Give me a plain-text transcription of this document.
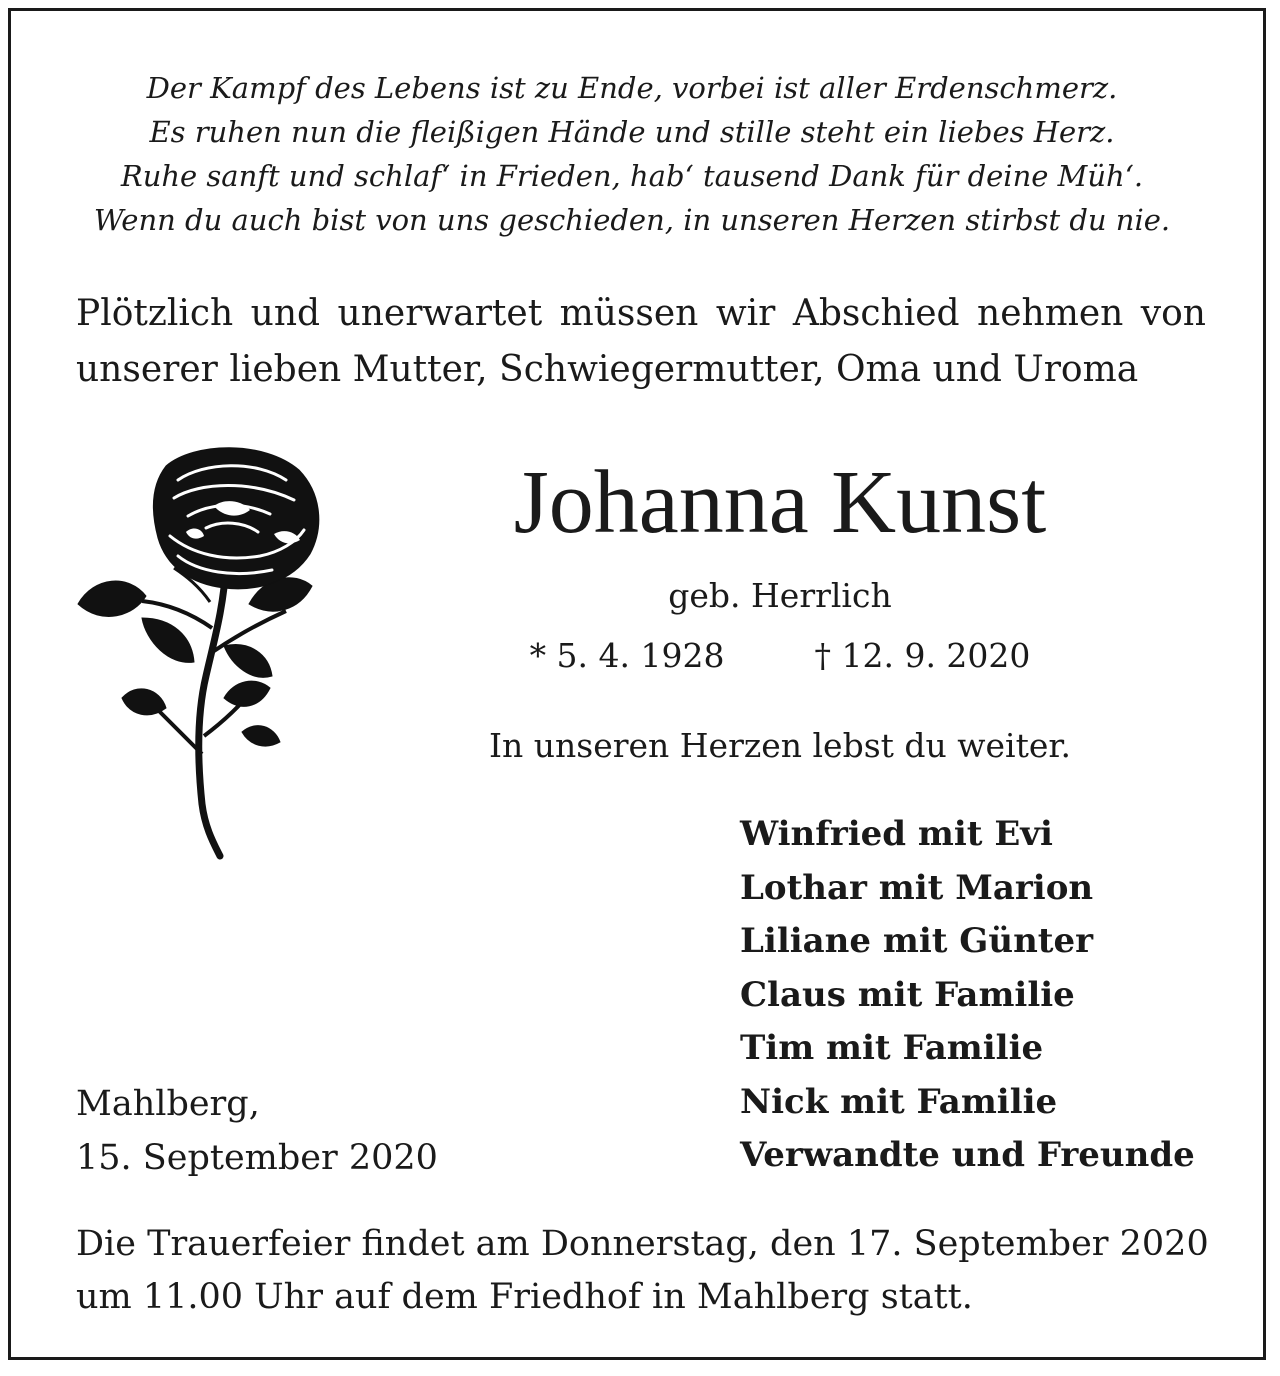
Der Kampf des Lebens ist zu Ende, vorbei ist aller Erdenschmerz.
Es ruhen nun die fleißigen Hände und stille steht ein liebes Herz.
Ruhe sanft und schlaf‘ in Frieden, hab‘ tausend Dank für deine Müh‘.
Wenn du auch bist von uns geschieden, in unseren Herzen stirbst du nie.
Plötzlich und unerwartet müssen wir Abschied nehmen von
unserer lieben Mutter, Schwiegermutter, Oma und Uroma
Johanna Kunst
geb. Herrlich
* 5. 4. 1928	† 12. 9. 2020
In unseren Herzen lebst du weiter.
Winfried mit Evi
Lothar mit Marion
Liliane mit Günter
Claus mit Familie
Tim mit Familie
Nick mit Familie
Verwandte und Freunde
Mahlberg,
15. September 2020
Die Trauerfeier findet am Donnerstag, den 17. September 2020
um 11.00 Uhr auf dem Friedhof in Mahlberg statt.
